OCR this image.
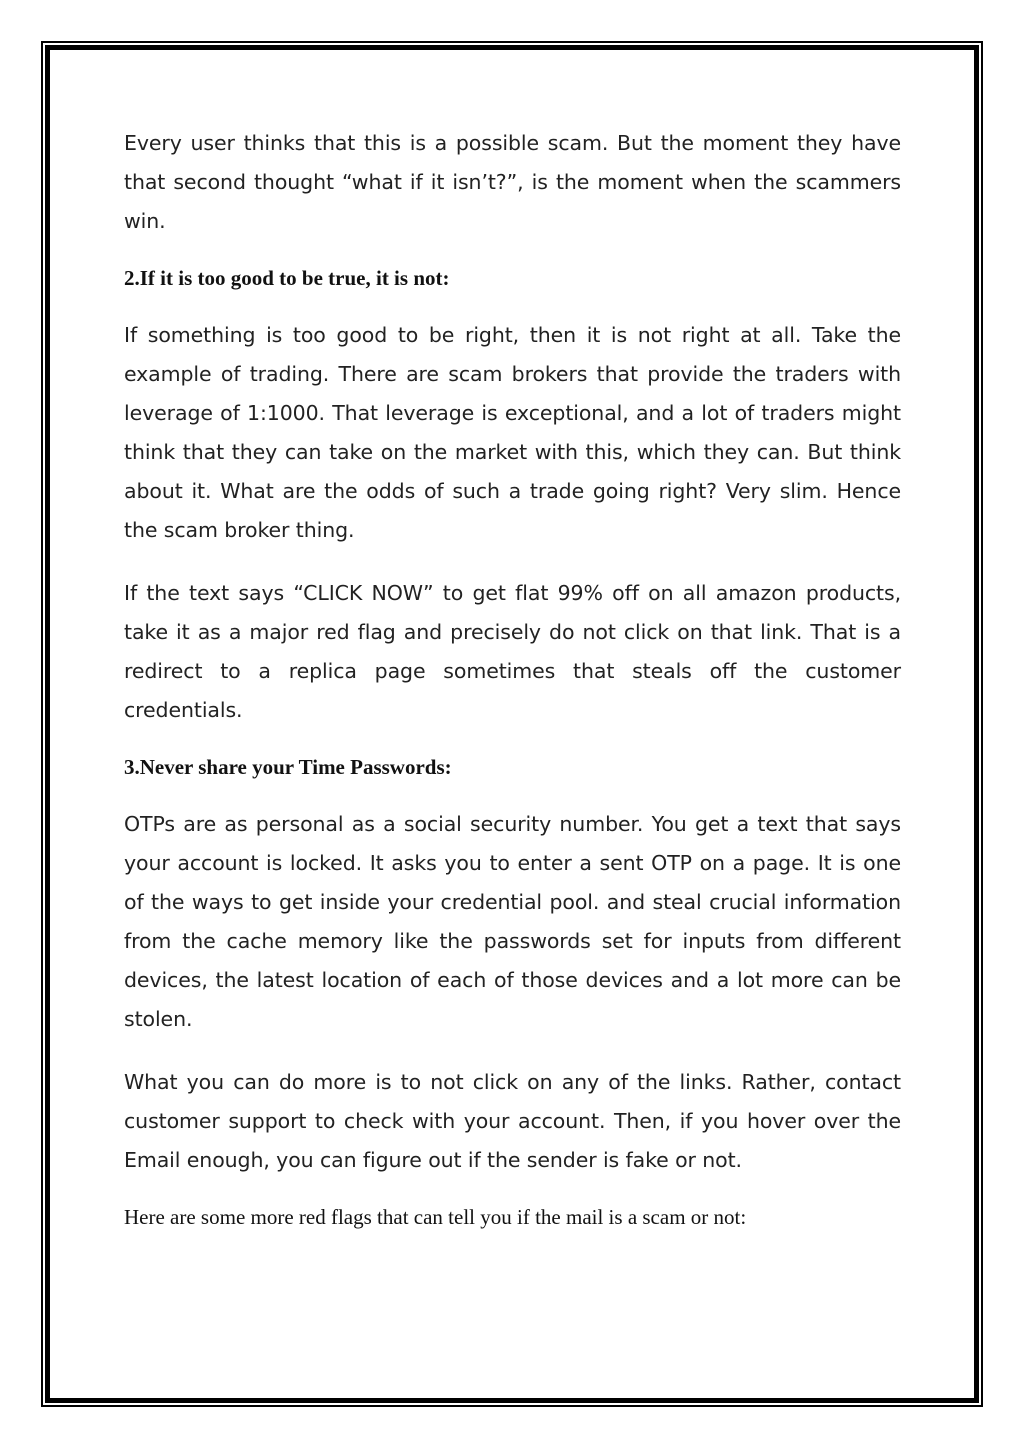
Every user thinks that this is a possible scam. But the moment they have that second thought “what if it isn’t?”, is the moment when the scammers win.

2.If it is too good to be true, it is not:

If something is too good to be right, then it is not right at all. Take the example of trading. There are scam brokers that provide the traders with leverage of 1:1000. That leverage is exceptional, and a lot of traders might think that they can take on the market with this, which they can. But think about it. What are the odds of such a trade going right? Very slim. Hence the scam broker thing.

If the text says “CLICK NOW” to get flat 99% off on all amazon products, take it as a major red flag and precisely do not click on that link. That is a redirect to a replica page sometimes that steals off the customer credentials.

3.Never share your Time Passwords:

OTPs are as personal as a social security number. You get a text that says your account is locked. It asks you to enter a sent OTP on a page. It is one of the ways to get inside your credential pool. and steal crucial information from the cache memory like the passwords set for inputs from different devices, the latest location of each of those devices and a lot more can be stolen.

What you can do more is to not click on any of the links. Rather, contact customer support to check with your account. Then, if you hover over the Email enough, you can figure out if the sender is fake or not.

Here are some more red flags that can tell you if the mail is a scam or not:
